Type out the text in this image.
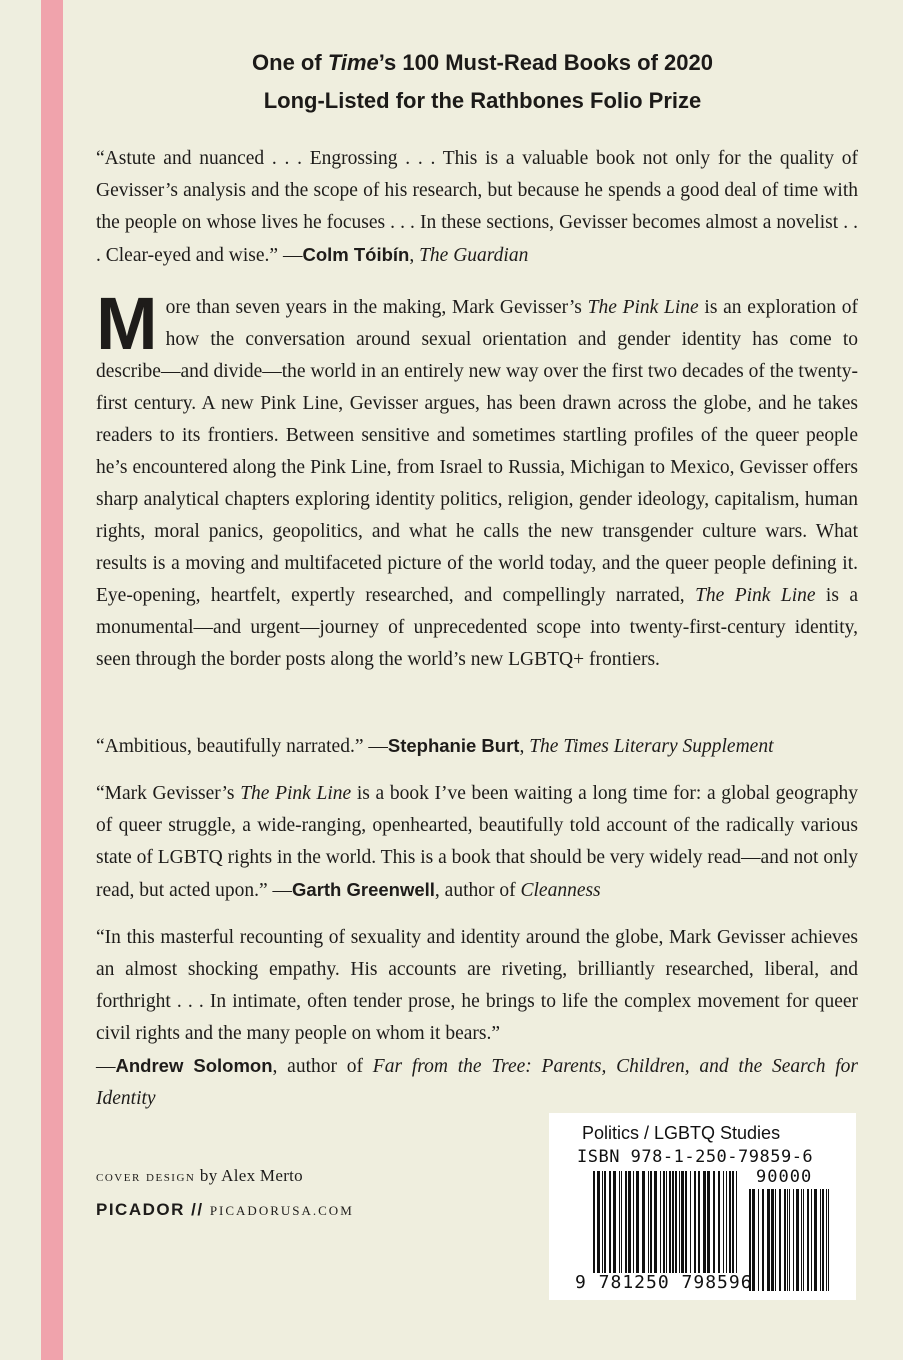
One of Time’s 100 Must-Read Books of 2020
Long-Listed for the Rathbones Folio Prize

“Astute and nuanced . . . Engrossing . . . This is a valuable book not only for the quality of Gevisser’s analysis and the scope of his research, but because he spends a good deal of time with the people on whose lives he focuses . . . In these sections, Gevisser becomes almost a novelist . . . Clear-eyed and wise.” —Colm Tóibín, The Guardian

More than seven years in the making, Mark Gevisser’s The Pink Line is an exploration of how the conversation around sexual orientation and gender identity has come to describe—and divide—the world in an entirely new way over the first two decades of the twenty-first century. A new Pink Line, Gevisser argues, has been drawn across the globe, and he takes readers to its frontiers. Between sensitive and sometimes startling profiles of the queer people he’s encountered along the Pink Line, from Israel to Russia, Michigan to Mexico, Gevisser offers sharp analytical chapters exploring identity politics, religion, gender ideology, capitalism, human rights, moral panics, geopolitics, and what he calls the new transgender culture wars. What results is a moving and multifaceted picture of the world today, and the queer people defining it. Eye-opening, heartfelt, expertly researched, and compellingly narrated, The Pink Line is a monumental—and urgent—journey of unprecedented scope into twenty-first-century identity, seen through the border posts along the world’s new LGBTQ+ frontiers.

“Ambitious, beautifully narrated.” —Stephanie Burt, The Times Literary Supplement

“Mark Gevisser’s The Pink Line is a book I’ve been waiting a long time for: a global geography of queer struggle, a wide-ranging, openhearted, beautifully told account of the radically various state of LGBTQ rights in the world. This is a book that should be very widely read—and not only read, but acted upon.” —Garth Greenwell, author of Cleanness

“In this masterful recounting of sexuality and identity around the globe, Mark Gevisser achieves an almost shocking empathy. His accounts are riveting, brilliantly researched, liberal, and forthright . . . In intimate, often tender prose, he brings to life the complex movement for queer civil rights and the many people on whom it bears.”
—Andrew Solomon, author of Far from the Tree: Parents, Children, and the Search for Identity

cover design by Alex Merto
PICADOR // PICADORUSA.COM
Politics / LGBTQ Studies
ISBN 978-1-250-79859-6
90000
9 781250 798596
